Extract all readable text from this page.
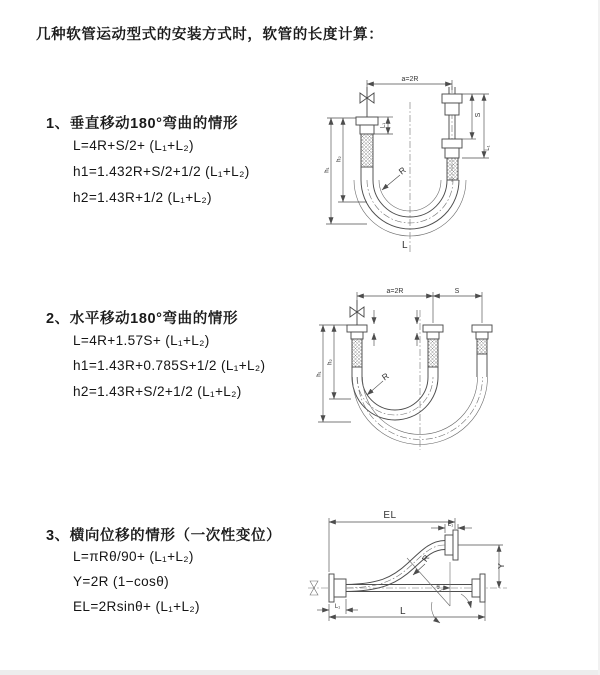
几种软管运动型式的安装方式时，软管的长度计算：
1、垂直移动180°弯曲的情形
L=4R+S/2+ (L₁+L₂)
h1=1.432R+S/2+1/2 (L₁+L₂)
h2=1.43R+1/2 (L₁+L₂)
2、水平移动180°弯曲的情形
L=4R+1.57S+ (L₁+L₂)
h1=1.43R+0.785S+1/2 (L₁+L₂)
h2=1.43R+S/2+1/2 (L₁+L₂)
3、横向位移的情形（一次性变位）
L=πRθ/90+ (L₁+L₂)
Y=2R (1−cosθ)
EL=2Rsinθ+ (L₁+L₂)
a=2R
L₁
S
L₁
R
h₂
h₁
L
a=2R	S
R
h₂
h₁
EL
L₁
Y
R
θ
L₁	L
